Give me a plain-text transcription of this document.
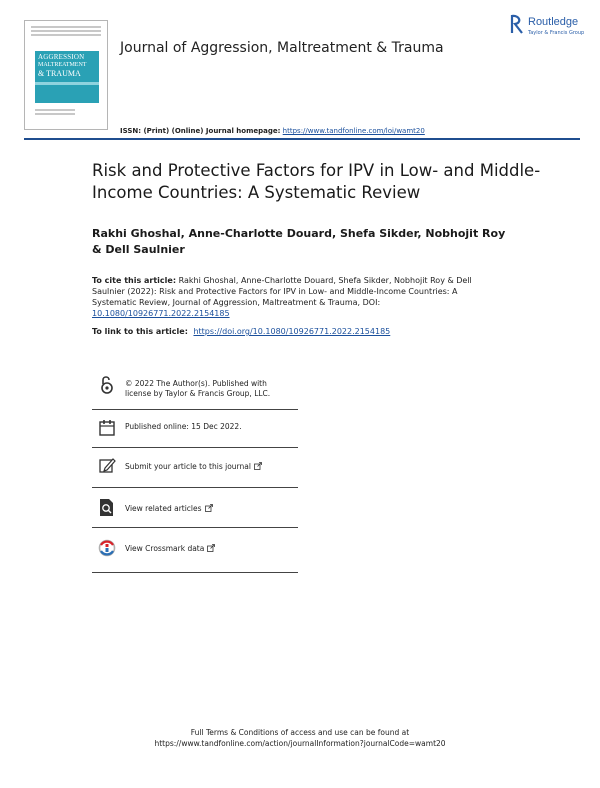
AGGRESSION
MALTREATMENT
& TRAUMA
Journal of Aggression, Maltreatment & Trauma
Routledge
Taylor & Francis Group
ISSN: (Print) (Online) Journal homepage: https://www.tandfonline.com/loi/wamt20
Risk and Protective Factors for IPV in Low- and Middle-Income Countries: A Systematic Review
Rakhi Ghoshal, Anne-Charlotte Douard, Shefa Sikder, Nobhojit Roy & Dell Saulnier
To cite this article: Rakhi Ghoshal, Anne-Charlotte Douard, Shefa Sikder, Nobhojit Roy & Dell Saulnier (2022): Risk and Protective Factors for IPV in Low- and Middle-Income Countries: A Systematic Review, Journal of Aggression, Maltreatment & Trauma, DOI: 10.1080/10926771.2022.2154185
To link to this article: https://doi.org/10.1080/10926771.2022.2154185
© 2022 The Author(s). Published with
license by Taylor & Francis Group, LLC.
Published online: 15 Dec 2022.
Submit your article to this journal
View related articles
View Crossmark data
Full Terms & Conditions of access and use can be found at
https://www.tandfonline.com/action/journalInformation?journalCode=wamt20
